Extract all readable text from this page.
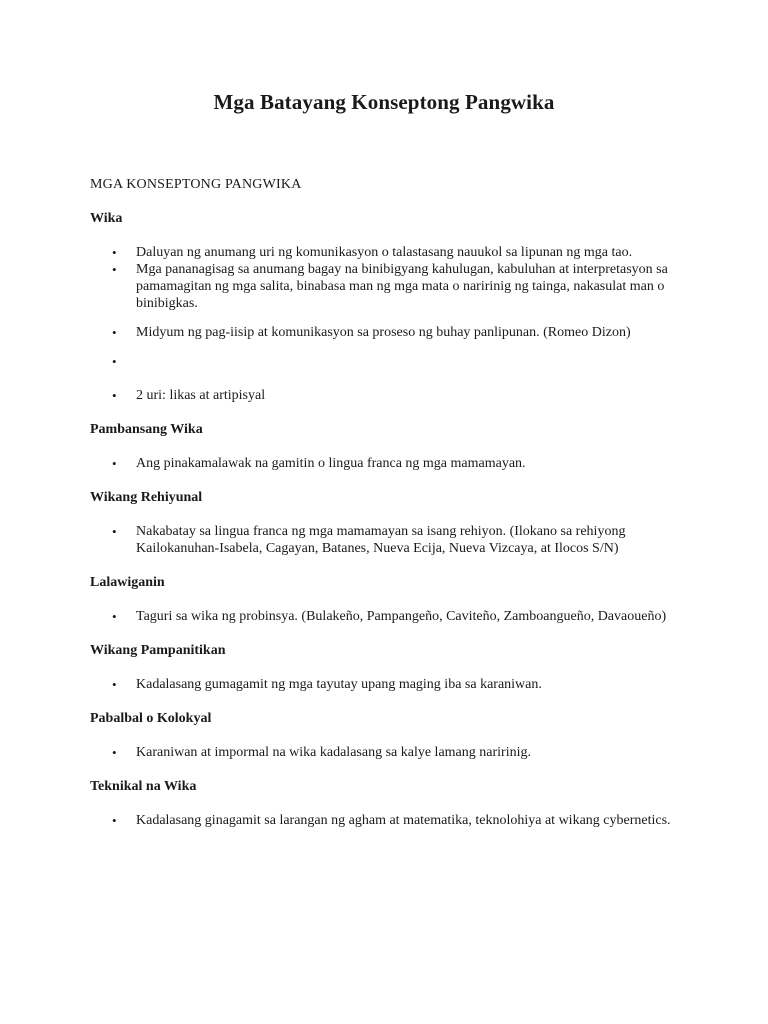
Mga Batayang Konseptong Pangwika
MGA KONSEPTONG PANGWIKA
Wika
• Daluyan ng anumang uri ng komunikasyon o talastasang nauukol sa lipunan ng mga tao.
• Mga pananagisag sa anumang bagay na binibigyang kahulugan, kabuluhan at interpretasyon sa pamamagitan ng mga salita, binabasa man ng mga mata o naririnig ng tainga, nakasulat man o binibigkas.
• Midyum ng pag-iisip at komunikasyon sa proseso ng buhay panlipunan. (Romeo Dizon)
•
• 2 uri: likas at artipisyal
Pambansang Wika
• Ang pinakamalawak na gamitin o lingua franca ng mga mamamayan.
Wikang Rehiyunal
• Nakabatay sa lingua franca ng mga mamamayan sa isang rehiyon. (Ilokano sa rehiyong Kailokanuhan-Isabela, Cagayan, Batanes, Nueva Ecija, Nueva Vizcaya, at Ilocos S/N)
Lalawiganin
• Taguri sa wika ng probinsya. (Bulakeño, Pampangeño, Caviteño, Zamboangueño, Davaoueño)
Wikang Pampanitikan
• Kadalasang gumagamit ng mga tayutay upang maging iba sa karaniwan.
Pabalbal o Kolokyal
• Karaniwan at impormal na wika kadalasang sa kalye lamang naririnig.
Teknikal na Wika
• Kadalasang ginagamit sa larangan ng agham at matematika, teknolohiya at wikang cybernetics.
